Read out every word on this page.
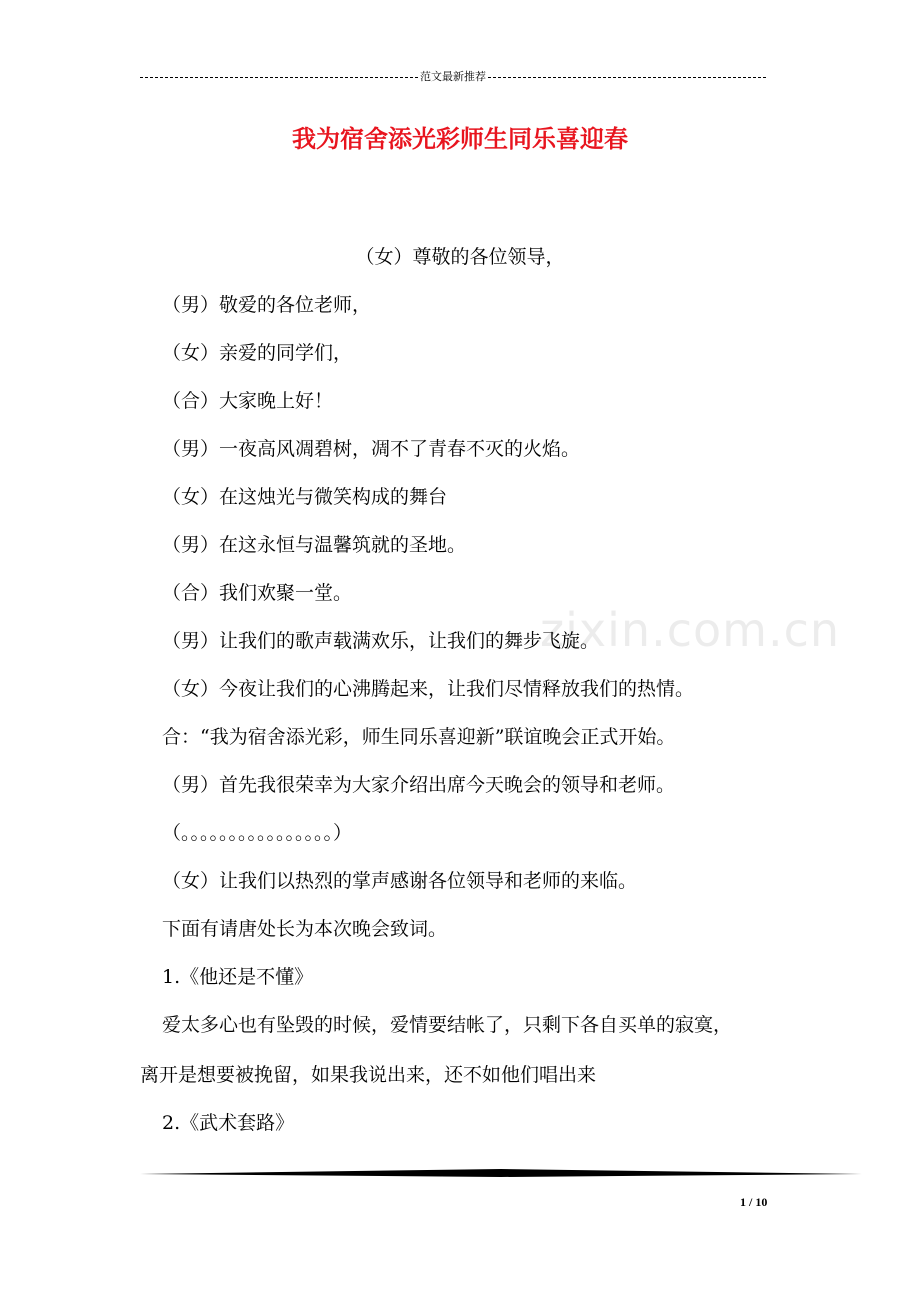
范文最新推荐
我为宿舍添光彩师生同乐喜迎春
zixin.com.cn
（女）尊敬的各位领导，
（男）敬爱的各位老师，
（女）亲爱的同学们，
（合）大家晚上好！
（男）一夜高风凋碧树，凋不了青春不灭的火焰。
（女）在这烛光与微笑构成的舞台
（男）在这永恒与温馨筑就的圣地。
（合）我们欢聚一堂。
（男）让我们的歌声载满欢乐，让我们的舞步飞旋。
（女）今夜让我们的心沸腾起来，让我们尽情释放我们的热情。
合：“我为宿舍添光彩，师生同乐喜迎新”联谊晚会正式开始。
（男）首先我很荣幸为大家介绍出席今天晚会的领导和老师。
（。。。。。。。。。。。。。。。。）
（女）让我们以热烈的掌声感谢各位领导和老师的来临。
下面有请唐处长为本次晚会致词。
1.《他还是不懂》
爱太多心也有坠毁的时候，爱情要结帐了，只剩下各自买单的寂寞，
离开是想要被挽留，如果我说出来，还不如他们唱出来
2.《武术套路》
1 / 10
